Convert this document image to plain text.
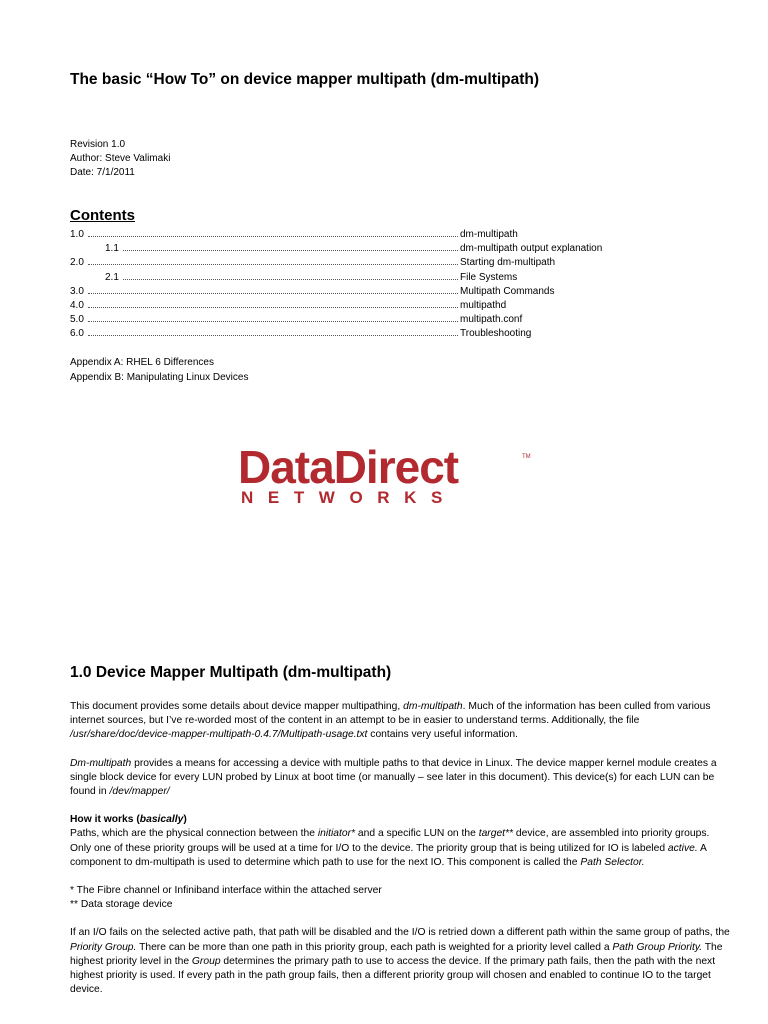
The basic “How To” on device mapper multipath (dm-multipath)
Revision 1.0
Author: Steve Valimaki
Date: 7/1/2011
Contents
1.0	dm-multipath
1.1	dm-multipath output explanation
2.0	Starting dm-multipath
2.1	File Systems
3.0	Multipath Commands
4.0	multipathd
5.0	multipath.conf
6.0	Troubleshooting
Appendix A: RHEL 6 Differences
Appendix B: Manipulating Linux Devices
DataDirect	TM
NETWORKS
1.0 Device Mapper Multipath (dm-multipath)

This document provides some details about device mapper multipathing, dm-multipath. Much of the information has been culled from various internet sources, but I’ve re-worded most of the content in an attempt to be in easier to understand terms. Additionally, the file /usr/share/doc/device-mapper-multipath-0.4.7/Multipath-usage.txt contains very useful information.

Dm-multipath provides a means for accessing a device with multiple paths to that device in Linux. The device mapper kernel module creates a single block device for every LUN probed by Linux at boot time (or manually – see later in this document). This device(s) for each LUN can be found in /dev/mapper/

How it works (basically)

Paths, which are the physical connection between the initiator* and a specific LUN on the target** device, are assembled into priority groups. Only one of these priority groups will be used at a time for I/O to the device. The priority group that is being utilized for IO is labeled active. A component to dm-multipath is used to determine which path to use for the next IO. This component is called the Path Selector.

* The Fibre channel or Infiniband interface within the attached server

** Data storage device

If an I/O fails on the selected active path, that path will be disabled and the I/O is retried down a different path within the same group of paths, the Priority Group. There can be more than one path in this priority group, each path is weighted for a priority level called a Path Group Priority. The highest priority level in the Group determines the primary path to use to access the device. If the primary path fails, then the path with the next highest priority is used. If every path in the path group fails, then a different priority group will chosen and enabled to continue IO to the target device.
